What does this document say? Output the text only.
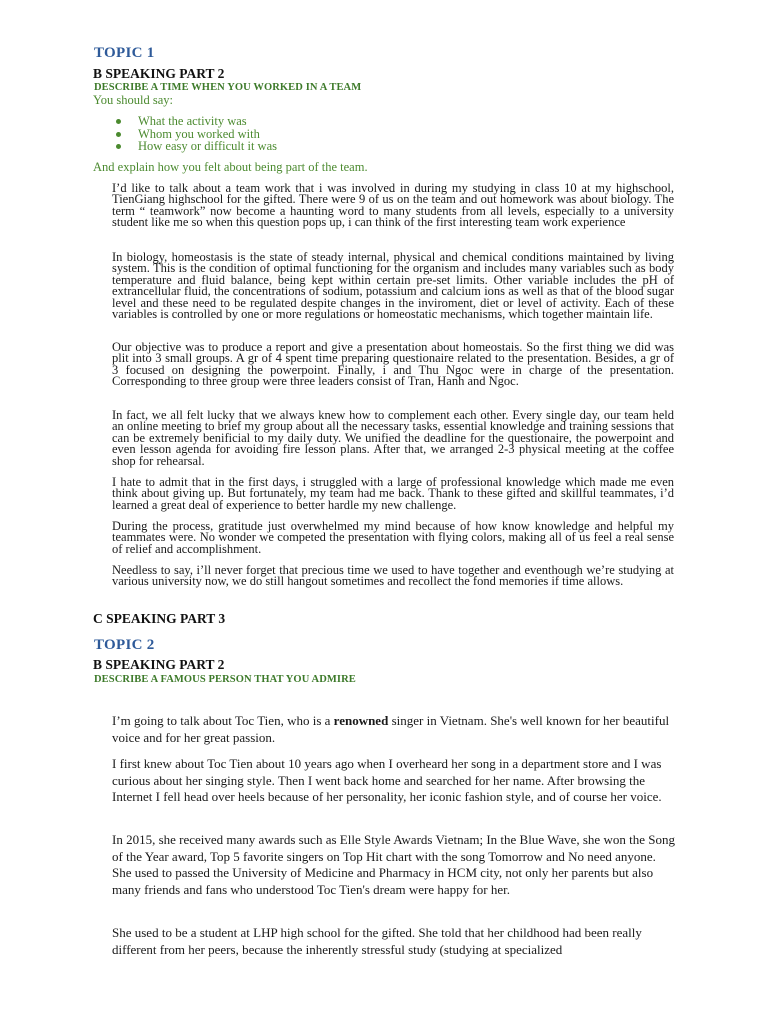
TOPIC 1
B SPEAKING PART 2
DESCRIBE A TIME WHEN YOU WORKED IN A TEAM
You should say:
What the activity was
Whom you worked with
How easy or difficult it was
And explain how you felt about being part of the team.

I’d like to talk about a team work that i was involved in during my studying in class 10 at my highschool, TienGiang highschool for the gifted. There were 9 of us on the team and out homework was about biology. The term “ teamwork” now become a haunting word to many students from all levels, especially to a university student like me so when this question pops up, i can think of the first interesting team work experience

In biology, homeostasis is the state of steady internal, physical and chemical conditions maintained by living system. This is the condition of optimal functioning for the organism and includes many variables such as body temperature and fluid balance, being kept within certain pre-set limits. Other variable includes the pH of extrancellular fluid, the concentrations of sodium, potassium and calcium ions as well as that of the blood sugar level and these need to be regulated despite changes in the inviroment, diet or level of activity. Each of these variables is controlled by one or more regulations or homeostatic mechanisms, which together maintain life.

Our objective was to produce a report and give a presentation about homeostais. So the first thing we did was plit into 3 small groups. A gr of 4 spent time preparing questionaire related to the presentation. Besides, a gr of 3 focused on designing the powerpoint. Finally, i and Thu Ngoc were in charge of the presentation. Corresponding to three group were three leaders consist of Tran, Hanh and Ngoc.

In fact, we all felt lucky that we always knew how to complement each other. Every single day, our team held an online meeting to brief my group about all the necessary tasks, essential knowledge and training sessions that can be extremely benificial to my daily duty. We unified the deadline for the questionaire, the powerpoint and even lesson agenda for avoiding fire lesson plans. After that, we arranged 2-3 physical meeting at the coffee shop for rehearsal.

I hate to admit that in the first days, i struggled with a large of professional knowledge which made me even think about giving up. But fortunately, my team had me back. Thank to these gifted and skillful teammates, i’d learned a great deal of experience to better hardle my new challenge.

During the process, gratitude just overwhelmed my mind because of how know knowledge and helpful my teammates were. No wonder we competed the presentation with flying colors, making all of us feel a real sense of relief and accomplishment.

Needless to say, i’ll never forget that precious time we used to have together and eventhough we’re studying at various university now, we do still hangout sometimes and recollect the fond memories if time allows.

C SPEAKING PART 3
TOPIC 2
B SPEAKING PART 2
DESCRIBE A FAMOUS PERSON THAT YOU ADMIRE

I’m going to talk about Toc Tien, who is a renowned singer in Vietnam. She's well known for her beautiful voice and for her great passion.

I first knew about Toc Tien about 10 years ago when I overheard her song in a department store and I was curious about her singing style. Then I went back home and searched for her name. After browsing the Internet I fell head over heels because of her personality, her iconic fashion style, and of course her voice.

In 2015, she received many awards such as Elle Style Awards Vietnam; In the Blue Wave, she won the Song of the Year award, Top 5 favorite singers on Top Hit chart with the song Tomorrow and No need anyone. She used to passed the University of Medicine and Pharmacy in HCM city, not only her parents but also many friends and fans who understood Toc Tien's dream were happy for her.

She used to be a student at LHP high school for the gifted. She told that her childhood had been really different from her peers, because the inherently stressful study (studying at specialized
